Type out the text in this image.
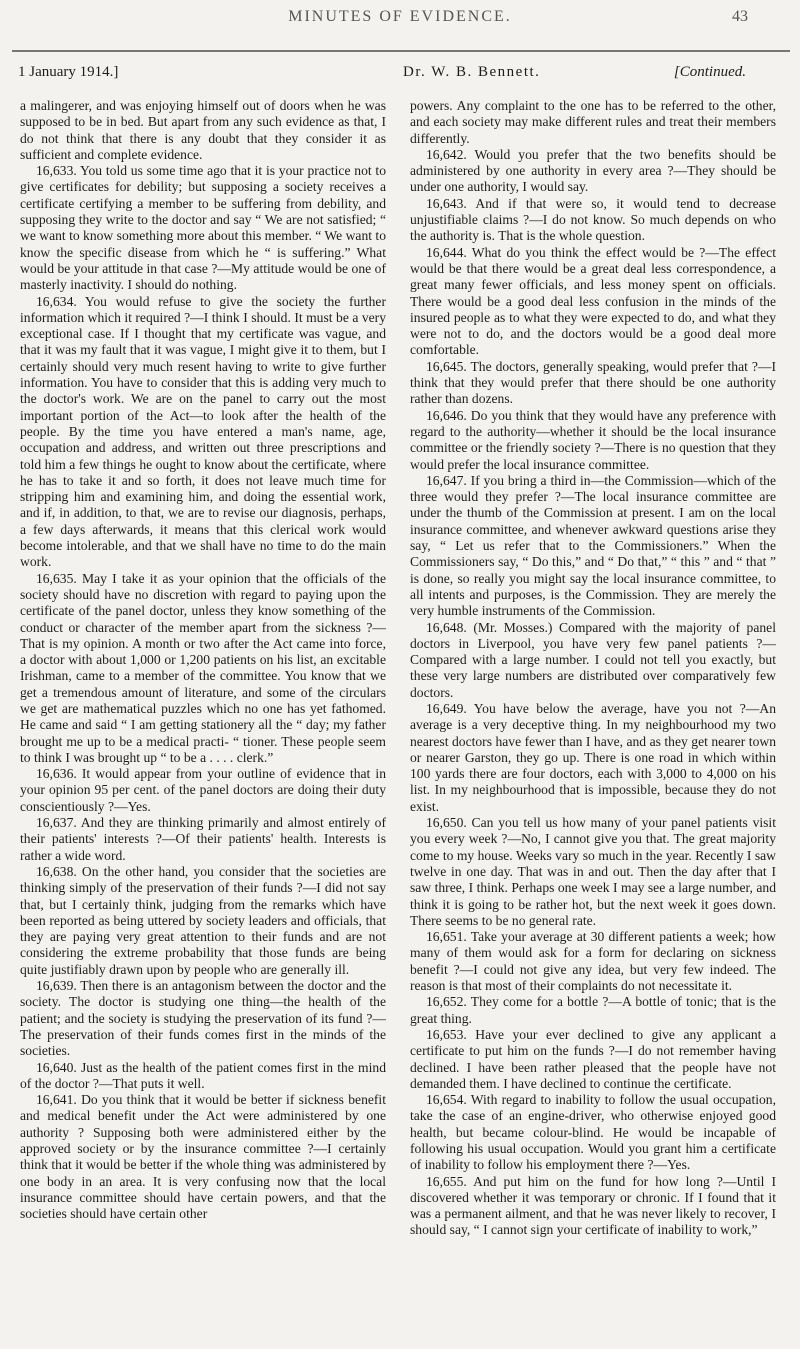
MINUTES OF EVIDENCE.	43
1 January 1914.]	Dr. W. B. Bennett.	[Continued.

a malingerer, and was enjoying himself out of doors when he was supposed to be in bed. But apart from any such evidence as that, I do not think that there is any doubt that they consider it as sufficient and complete evidence.

16,633. You told us some time ago that it is your practice not to give certificates for debility; but supposing a society receives a certificate certifying a member to be suffering from debility, and supposing they write to the doctor and say “ We are not satisfied; “ we want to know something more about this member. “ We want to know the specific disease from which he “ is suffering.” What would be your attitude in that case ?—My attitude would be one of masterly inactivity. I should do nothing.

16,634. You would refuse to give the society the further information which it required ?—I think I should. It must be a very exceptional case. If I thought that my certificate was vague, and that it was my fault that it was vague, I might give it to them, but I certainly should very much resent having to write to give further information. You have to consider that this is adding very much to the doctor's work. We are on the panel to carry out the most important portion of the Act—to look after the health of the people. By the time you have entered a man's name, age, occupation and address, and written out three prescriptions and told him a few things he ought to know about the certificate, where he has to take it and so forth, it does not leave much time for stripping him and examining him, and doing the essential work, and if, in addition, to that, we are to revise our diagnosis, perhaps, a few days afterwards, it means that this clerical work would become intolerable, and that we shall have no time to do the main work.

16,635. May I take it as your opinion that the officials of the society should have no discretion with regard to paying upon the certificate of the panel doctor, unless they know something of the conduct or character of the member apart from the sickness ?—That is my opinion. A month or two after the Act came into force, a doctor with about 1,000 or 1,200 patients on his list, an excitable Irishman, came to a member of the committee. You know that we get a tremendous amount of literature, and some of the circulars we get are mathematical puzzles which no one has yet fathomed. He came and said “ I am getting stationery all the “ day; my father brought me up to be a medical practi- “ tioner. These people seem to think I was brought up “ to be a . . . . clerk.”

16,636. It would appear from your outline of evidence that in your opinion 95 per cent. of the panel doctors are doing their duty conscientiously ?—Yes.

16,637. And they are thinking primarily and almost entirely of their patients' interests ?—Of their patients' health. Interests is rather a wide word.

16,638. On the other hand, you consider that the societies are thinking simply of the preservation of their funds ?—I did not say that, but I certainly think, judging from the remarks which have been reported as being uttered by society leaders and officials, that they are paying very great attention to their funds and are not considering the extreme probability that those funds are being quite justifiably drawn upon by people who are generally ill.

16,639. Then there is an antagonism between the doctor and the society. The doctor is studying one thing—the health of the patient; and the society is studying the preservation of its fund ?—The preservation of their funds comes first in the minds of the societies.

16,640. Just as the health of the patient comes first in the mind of the doctor ?—That puts it well.

16,641. Do you think that it would be better if sickness benefit and medical benefit under the Act were administered by one authority ? Supposing both were administered either by the approved society or by the insurance committee ?—I certainly think that it would be better if the whole thing was administered by one body in an area. It is very confusing now that the local insurance committee should have certain powers, and that the societies should have certain other

powers. Any complaint to the one has to be referred to the other, and each society may make different rules and treat their members differently.

16,642. Would you prefer that the two benefits should be administered by one authority in every area ?—They should be under one authority, I would say.

16,643. And if that were so, it would tend to decrease unjustifiable claims ?—I do not know. So much depends on who the authority is. That is the whole question.

16,644. What do you think the effect would be ?—The effect would be that there would be a great deal less correspondence, a great many fewer officials, and less money spent on officials. There would be a good deal less confusion in the minds of the insured people as to what they were expected to do, and what they were not to do, and the doctors would be a good deal more comfortable.

16,645. The doctors, generally speaking, would prefer that ?—I think that they would prefer that there should be one authority rather than dozens.

16,646. Do you think that they would have any preference with regard to the authority—whether it should be the local insurance committee or the friendly society ?—There is no question that they would prefer the local insurance committee.

16,647. If you bring a third in—the Commission—which of the three would they prefer ?—The local insurance committee are under the thumb of the Commission at present. I am on the local insurance committee, and whenever awkward questions arise they say, “ Let us refer that to the Commissioners.” When the Commissioners say, “ Do this,” and “ Do that,” “ this ” and “ that ” is done, so really you might say the local insurance committee, to all intents and purposes, is the Commission. They are merely the very humble instruments of the Commission.

16,648. (Mr. Mosses.) Compared with the majority of panel doctors in Liverpool, you have very few panel patients ?—Compared with a large number. I could not tell you exactly, but these very large numbers are distributed over comparatively few doctors.

16,649. You have below the average, have you not ?—An average is a very deceptive thing. In my neighbourhood my two nearest doctors have fewer than I have, and as they get nearer town or nearer Garston, they go up. There is one road in which within 100 yards there are four doctors, each with 3,000 to 4,000 on his list. In my neighbourhood that is impossible, because they do not exist.

16,650. Can you tell us how many of your panel patients visit you every week ?—No, I cannot give you that. The great majority come to my house. Weeks vary so much in the year. Recently I saw twelve in one day. That was in and out. Then the day after that I saw three, I think. Perhaps one week I may see a large number, and think it is going to be rather hot, but the next week it goes down. There seems to be no general rate.

16,651. Take your average at 30 different patients a week; how many of them would ask for a form for declaring on sickness benefit ?—I could not give any idea, but very few indeed. The reason is that most of their complaints do not necessitate it.

16,652. They come for a bottle ?—A bottle of tonic; that is the great thing.

16,653. Have your ever declined to give any applicant a certificate to put him on the funds ?—I do not remember having declined. I have been rather pleased that the people have not demanded them. I have declined to continue the certificate.

16,654. With regard to inability to follow the usual occupation, take the case of an engine-driver, who otherwise enjoyed good health, but became colour-blind. He would be incapable of following his usual occupation. Would you grant him a certificate of inability to follow his employment there ?—Yes.

16,655. And put him on the fund for how long ?—Until I discovered whether it was temporary or chronic. If I found that it was a permanent ailment, and that he was never likely to recover, I should say, “ I cannot sign your certificate of inability to work,”
